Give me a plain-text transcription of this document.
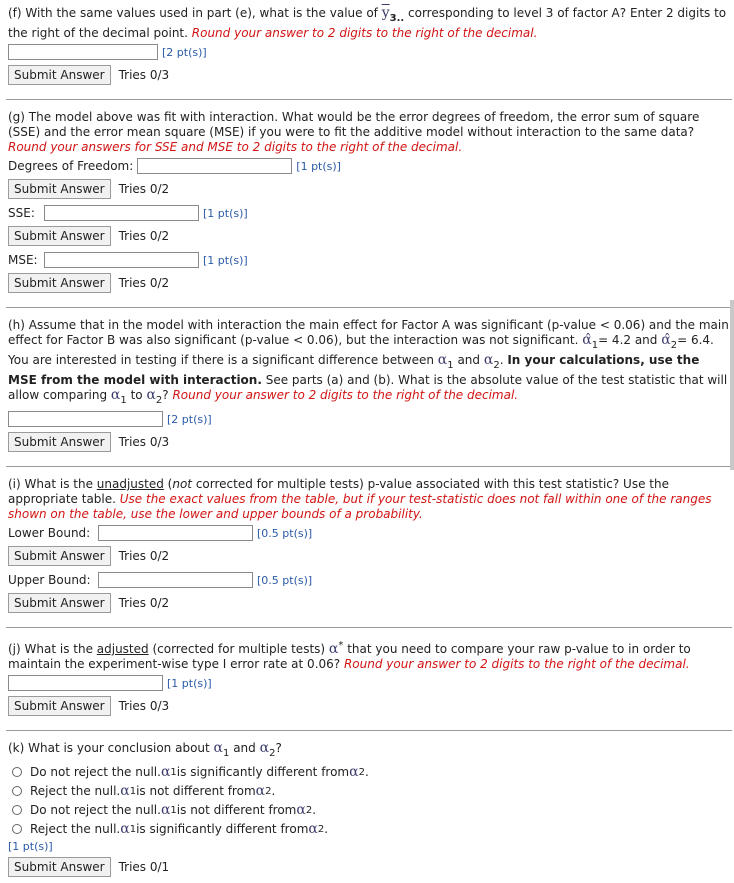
(f) With the same values used in part (e), what is the value of $\overline{y}_{3..}$ corresponding to level 3 of factor A? Enter 2 digits to the right of the decimal point. Round your answer to 2 digits to the right of the decimal.

[2 pt(s)]
Submit Answer	Tries 0/3

(g) The model above was fit with interaction. What would be the error degrees of freedom, the error sum of square (SSE) and the error mean square (MSE) if you were to fit the additive model without interaction to the same data? Round your answers for SSE and MSE to 2 digits to the right of the decimal.

Degrees of Freedom:	[1 pt(s)]
Submit Answer	Tries 0/2
SSE:	[1 pt(s)]
Submit Answer	Tries 0/2
MSE:	[1 pt(s)]
Submit Answer	Tries 0/2

(h) Assume that in the model with interaction the main effect for Factor A was significant (p-value < 0.06) and the main effect for Factor B was also significant (p-value < 0.06), but the interaction was not significant. $\alphâ_1= 4.2$ and $\alphâ_2= 6.4$. You are interested in testing if there is a significant difference between $\alpha_1$ and $\alpha_2$. In your calculations, use the MSE from the model with interaction. See parts (a) and (b). What is the absolute value of the test statistic that will allow comparing $\alpha_1$ to $\alpha_2$? Round your answer to 2 digits to the right of the decimal.

[2 pt(s)]
Submit Answer	Tries 0/3

(i) What is the unadjusted (not corrected for multiple tests) p-value associated with this test statistic? Use the appropriate table. Use the exact values from the table, but if your test-statistic does not fall within one of the ranges shown on the table, use the lower and upper bounds of a probability.

Lower Bound:	[0.5 pt(s)]
Submit Answer	Tries 0/2
Upper Bound:	[0.5 pt(s)]
Submit Answer	Tries 0/2

(j) What is the adjusted (corrected for multiple tests) α* that you need to compare your raw p-value to in order to maintain the experiment-wise type I error rate at 0.06? Round your answer to 2 digits to the right of the decimal.

[1 pt(s)]
Submit Answer	Tries 0/3

(k) What is your conclusion about $\alpha_1$ and $\alpha_2$?

Do not reject the null. α 1 is significantly different from α 2 .
Reject the null. α 1 is not different from α 2 .
Do not reject the null. α 1 is not different from α 2 .
Reject the null. α 1 is significantly different from α 2 .
[1 pt(s)]
Submit Answer	Tries 0/1
